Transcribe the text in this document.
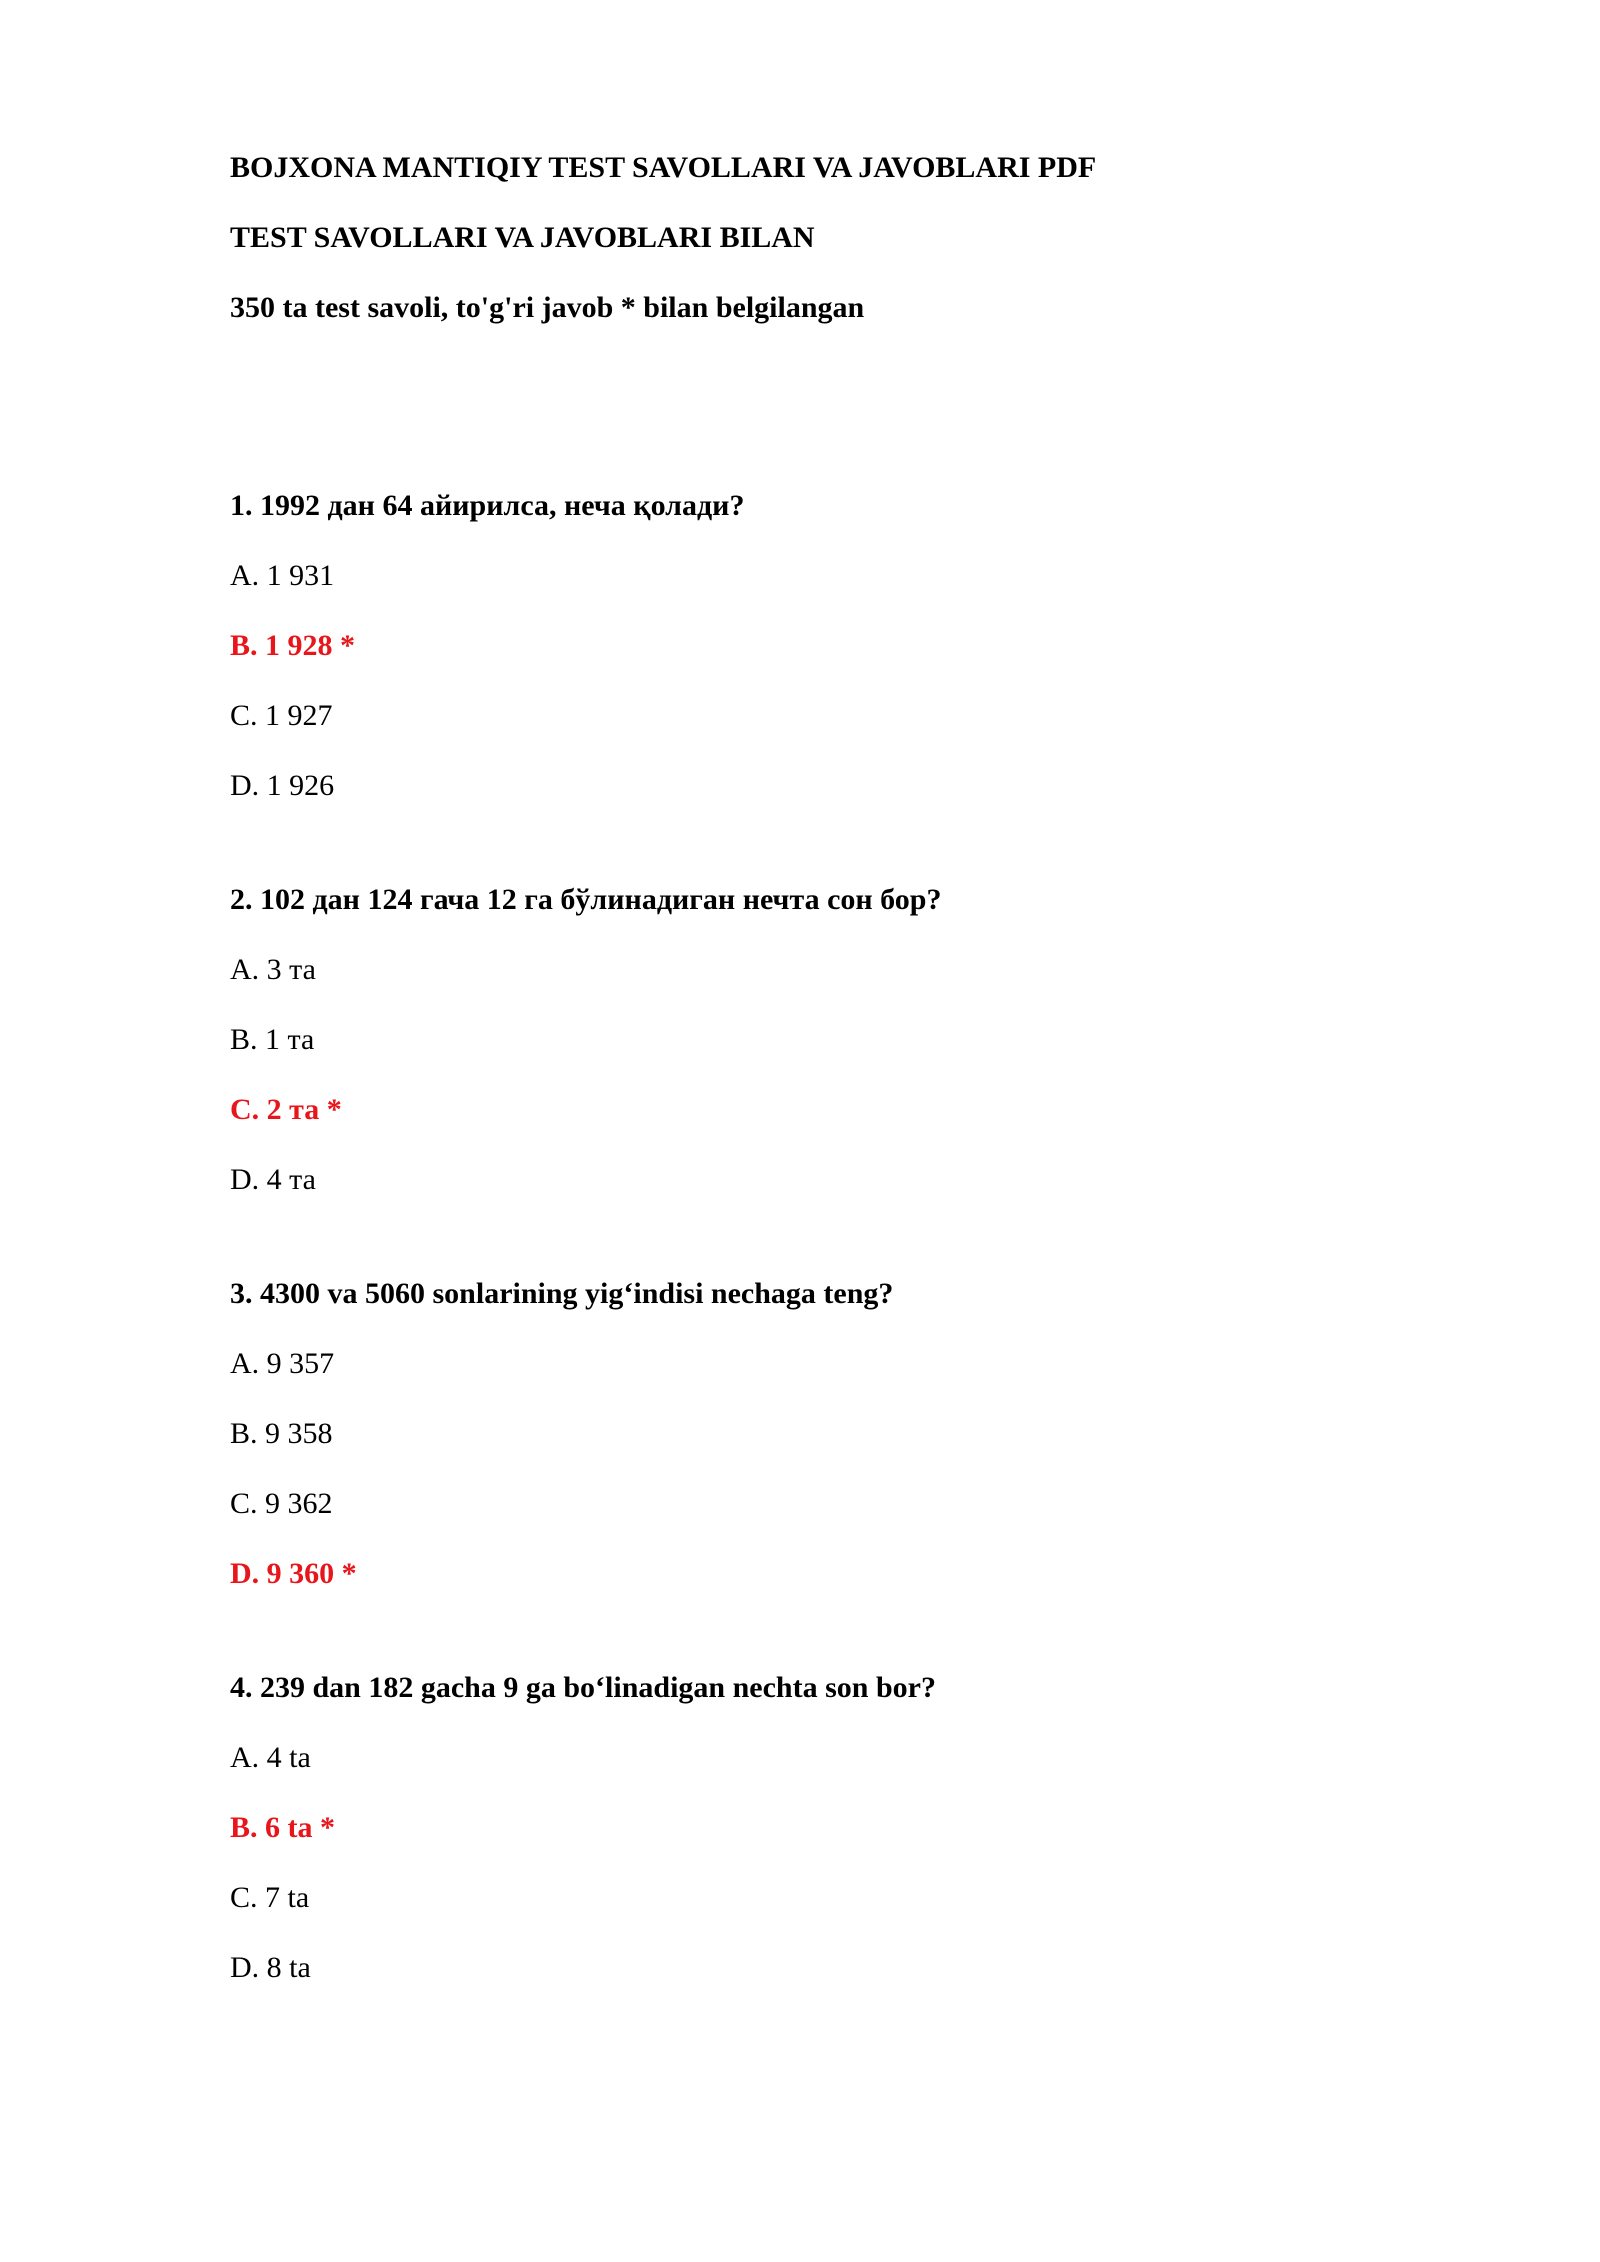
BOJXONA MANTIQIY TEST SAVOLLARI VA JAVOBLARI PDF
TEST SAVOLLARI VA JAVOBLARI BILAN
350 ta test savoli, to'g'ri javob * bilan belgilangan
1. 1992 дан 64 айирилса, неча қолади?
A. 1 931
B. 1 928 *
C. 1 927
D. 1 926
2. 102 дан 124 гача 12 га бўлинадиган нечта сон бор?
A. 3 та
B. 1 та
C. 2 та *
D. 4 та
3. 4300 va 5060 sonlarining yig‘indisi nechaga teng?
A. 9 357
B. 9 358
C. 9 362
D. 9 360 *
4. 239 dan 182 gacha 9 ga bo‘linadigan nechta son bor?
A. 4 ta
B. 6 ta *
C. 7 ta
D. 8 ta
